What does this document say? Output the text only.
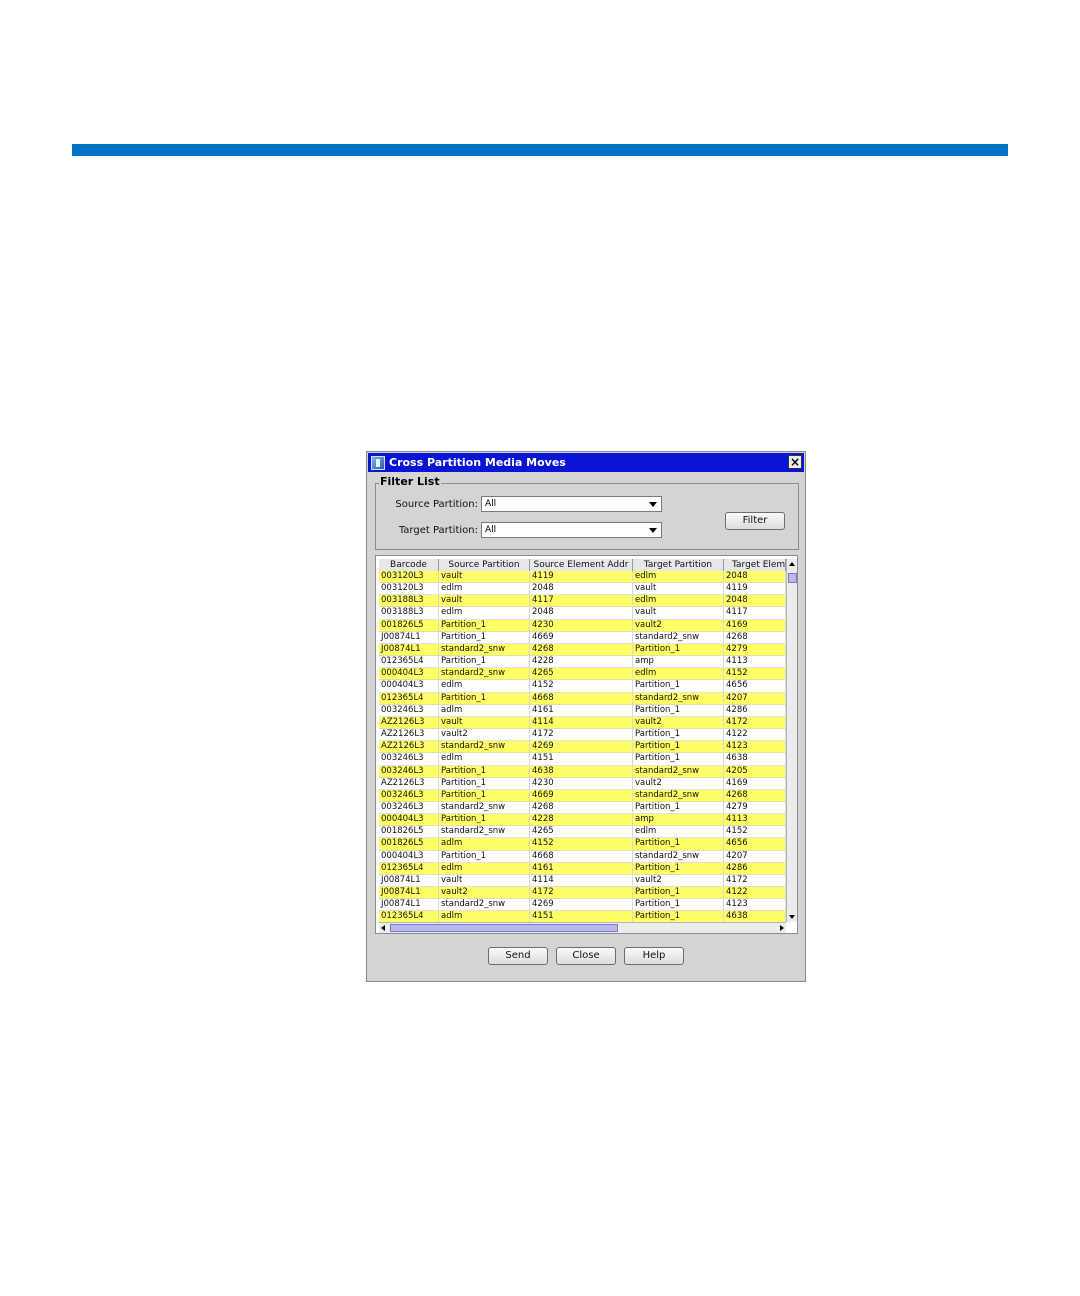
Cross Partition Media Moves	×
Filter List
Source Partition: All
Target Partition: All
Filter
Barcode	Source Partition	Source Element Addr	Target Partition	Target Elem
003120L3	vault	4119	edlm	2048
003120L3	edlm	2048	vault	4119
003188L3	vault	4117	edlm	2048
003188L3	edlm	2048	vault	4117
001826L5	Partition_1	4230	vault2	4169
J00874L1	Partition_1	4669	standard2_snw	4268
J00874L1	standard2_snw	4268	Partition_1	4279
012365L4	Partition_1	4228	amp	4113
000404L3	standard2_snw	4265	edlm	4152
000404L3	edlm	4152	Partition_1	4656
012365L4	Partition_1	4668	standard2_snw	4207
003246L3	adlm	4161	Partition_1	4286
AZ2126L3	vault	4114	vault2	4172
AZ2126L3	vault2	4172	Partition_1	4122
AZ2126L3	standard2_snw	4269	Partition_1	4123
003246L3	edlm	4151	Partition_1	4638
003246L3	Partition_1	4638	standard2_snw	4205
AZ2126L3	Partition_1	4230	vault2	4169
003246L3	Partition_1	4669	standard2_snw	4268
003246L3	standard2_snw	4268	Partition_1	4279
000404L3	Partition_1	4228	amp	4113
001826L5	standard2_snw	4265	edlm	4152
001826L5	adlm	4152	Partition_1	4656
000404L3	Partition_1	4668	standard2_snw	4207
012365L4	edlm	4161	Partition_1	4286
J00874L1	vault	4114	vault2	4172
J00874L1	vault2	4172	Partition_1	4122
J00874L1	standard2_snw	4269	Partition_1	4123
012365L4	adlm	4151	Partition_1	4638
Send	Close	Help
